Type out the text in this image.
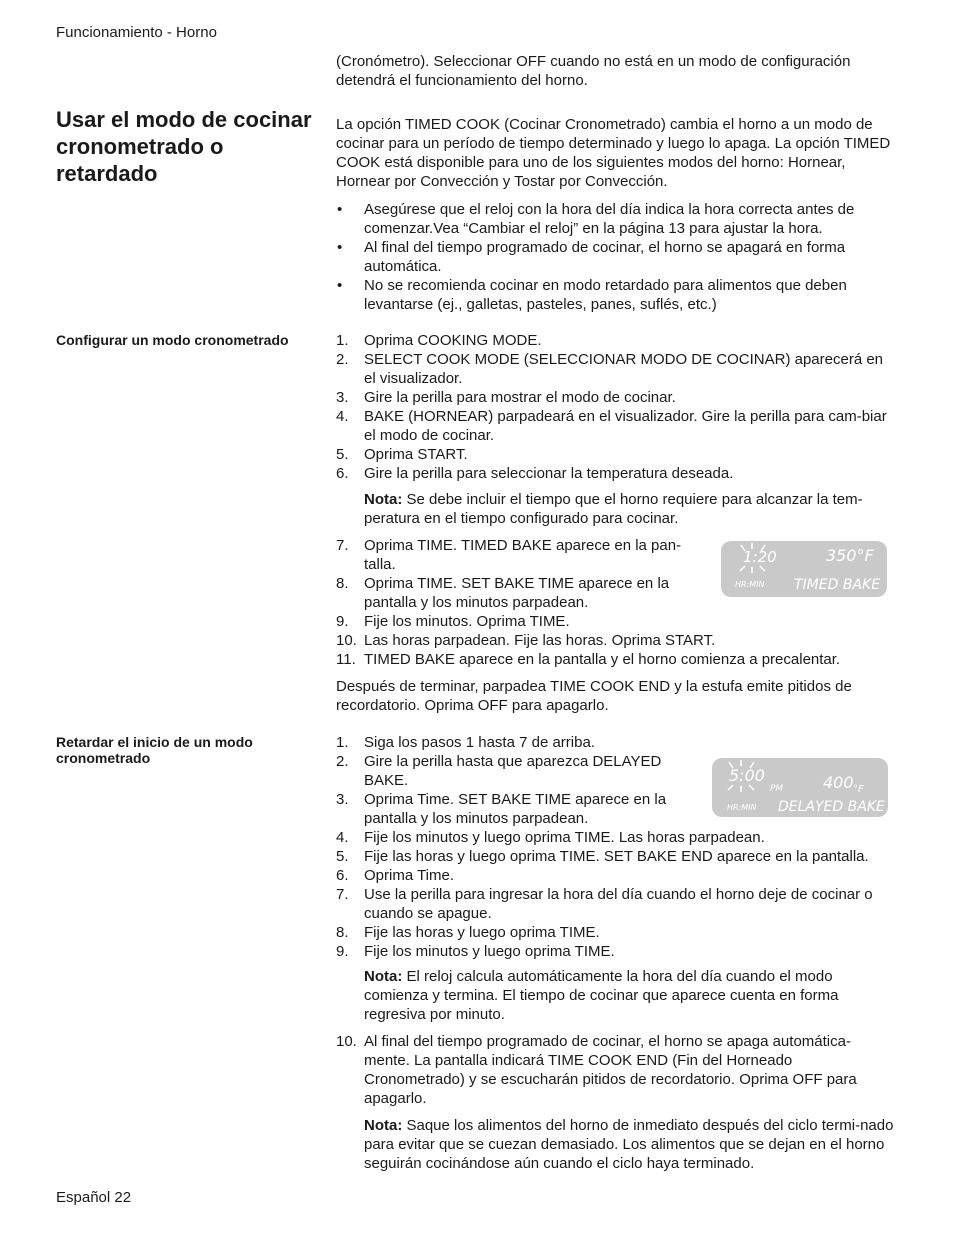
Funcionamiento - Horno

(Cronómetro). Seleccionar OFF cuando no está en un modo de configuración detendrá el funcionamiento del horno.

Usar el modo de cocinar cronometrado o retardado

La opción TIMED COOK (Cocinar Cronometrado) cambia el horno a un modo de cocinar para un período de tiempo determinado y luego lo apaga. La opción TIMED COOK está disponible para uno de los siguientes modos del horno: Hornear, Hornear por Convección y Tostar por Convección.

• Asegúrese que el reloj con la hora del día indica la hora correcta antes de comenzar.Vea “Cambiar el reloj” en la página 13 para ajustar la hora.
• Al final del tiempo programado de cocinar, el horno se apagará en forma automática.
• No se recomienda cocinar en modo retardado para alimentos que deben levantarse (ej., galletas, pasteles, panes, suflés, etc.)
Configurar un modo cronometrado	1.	Oprima COOKING MODE.
2.	SELECT COOK MODE (SELECCIONAR MODO DE COCINAR) aparecerá en el visualizador.
3.	Gire la perilla para mostrar el modo de cocinar.
4.	BAKE (HORNEAR) parpadeará en el visualizador. Gire la perilla para cam-biar el modo de cocinar.
5.	Oprima START.
6.	Gire la perilla para seleccionar la temperatura deseada.

Nota: Se debe incluir el tiempo que el horno requiere para alcanzar la tem-peratura en el tiempo configurado para cocinar.

7.	Oprima TIME. TIMED BAKE aparece en la pan-talla.
8.	Oprima TIME. SET BAKE TIME aparece en la pantalla y los minutos parpadean.
9.	Fije los minutos. Oprima TIME.
10. Las horas parpadean. Fije las horas. Oprima START.
11. TIMED BAKE aparece en la pantalla y el horno comienza a precalentar.
1:20	350°F
HR:MIN TIMED BAKE

Después de terminar, parpadea TIME COOK END y la estufa emite pitidos de recordatorio. Oprima OFF para apagarlo.

Retardar el inicio de un modo cronometrado
1.	Siga los pasos 1 hasta 7 de arriba.
2.	Gire la perilla hasta que aparezca DELAYED BAKE.
3.	Oprima Time. SET BAKE TIME aparece en la pantalla y los minutos parpadean.
4.	Fije los minutos y luego oprima TIME. Las horas parpadean.
5.	Fije las horas y luego oprima TIME. SET BAKE END aparece en la pantalla.
6.	Oprima Time.
7.	Use la perilla para ingresar la hora del día cuando el horno deje de cocinar o cuando se apague.
8.	Fije las horas y luego oprima TIME.
9.	Fije los minutos y luego oprima TIME.
5:00
PM 400 °F
HR:MIN DELAYED BAKE

Nota: El reloj calcula automáticamente la hora del día cuando el modo comienza y termina. El tiempo de cocinar que aparece cuenta en forma regresiva por minuto.

10. Al final del tiempo programado de cocinar, el horno se apaga automática-mente. La pantalla indicará TIME COOK END (Fin del Horneado Cronometrado) y se escucharán pitidos de recordatorio. Oprima OFF para apagarlo.

Nota: Saque los alimentos del horno de inmediato después del ciclo termi-nado para evitar que se cuezan demasiado. Los alimentos que se dejan en el horno seguirán cocinándose aún cuando el ciclo haya terminado.

Español 22
